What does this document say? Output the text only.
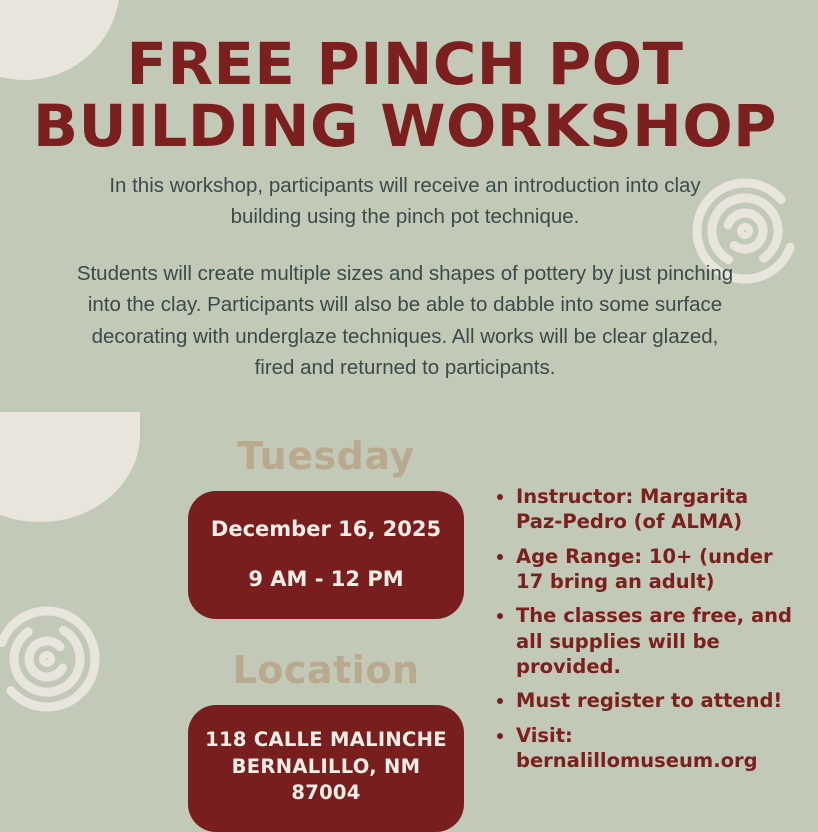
FREE PINCH POT
BUILDING WORKSHOP

In this workshop, participants will receive an introduction into clay building using the pinch pot technique.

Students will create multiple sizes and shapes of pottery by just pinching into the clay. Participants will also be able to dabble into some surface decorating with underglaze techniques. All works will be clear glazed, fired and returned to participants.

Tuesday
December 16, 2025
9 AM - 12 PM
Location
118 CALLE MALINCHE
BERNALILLO, NM 87004
• Instructor: Margarita Paz-Pedro (of ALMA)
• Age Range: 10+ (under 17 bring an adult)
• The classes are free, and all supplies will be provided.
• Must register to attend!
• Visit: bernalillomuseum.org
